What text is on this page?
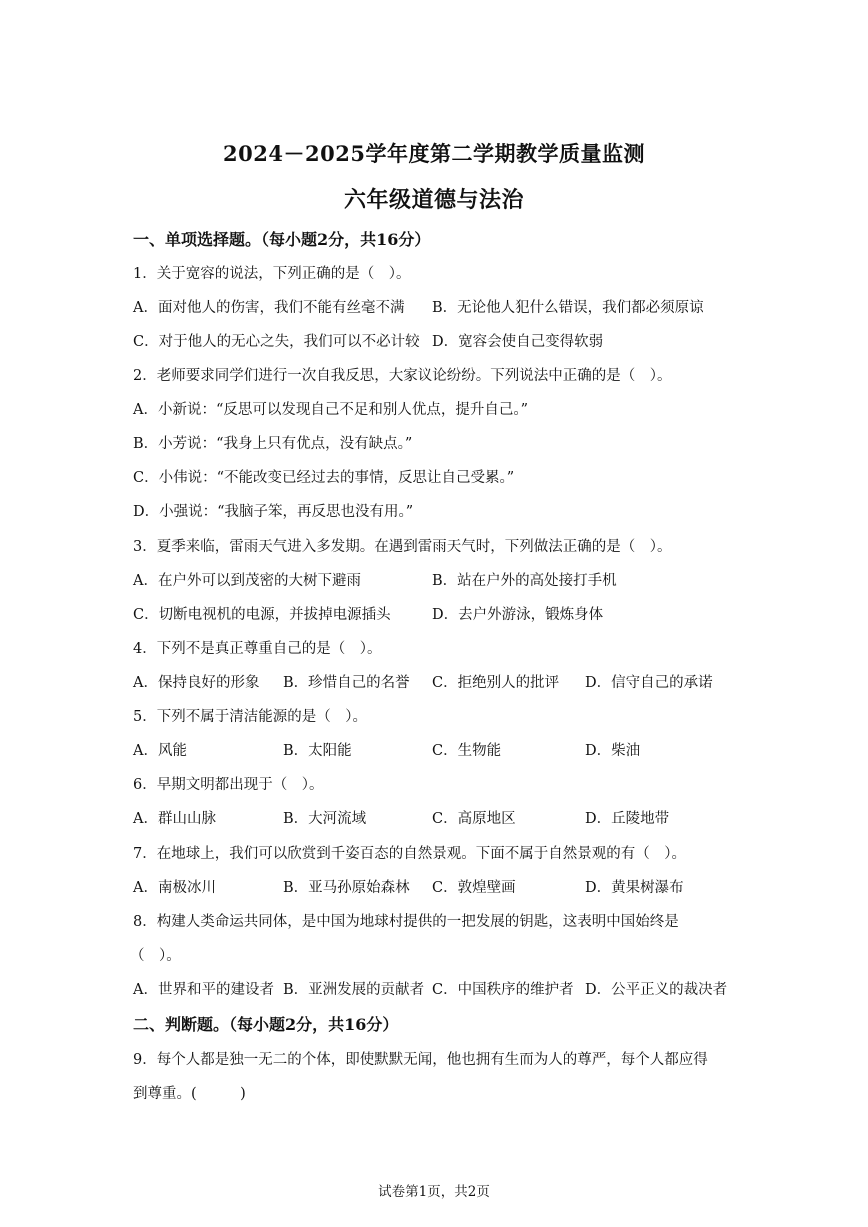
2024－2025学年度第二学期教学质量监测
六年级道德与法治
一、单项选择题。（每小题2分，共16分）
1．关于宽容的说法，下列正确的是（　）。
A．面对他人的伤害，我们不能有丝毫不满 B．无论他人犯什么错误，我们都必须原谅
C．对于他人的无心之失，我们可以不必计较 D．宽容会使自己变得软弱
2．老师要求同学们进行一次自我反思，大家议论纷纷。下列说法中正确的是（　）。
A．小新说：“反思可以发现自己不足和别人优点，提升自己。”
B．小芳说：“我身上只有优点，没有缺点。”
C．小伟说：“不能改变已经过去的事情，反思让自己受累。”
D．小强说：“我脑子笨，再反思也没有用。”
3．夏季来临，雷雨天气进入多发期。在遇到雷雨天气时，下列做法正确的是（　）。
A．在户外可以到茂密的大树下避雨	B．站在户外的高处接打手机
C．切断电视机的电源，并拔掉电源插头	D．去户外游泳，锻炼身体
4．下列不是真正尊重自己的是（　）。
A．保持良好的形象 B．珍惜自己的名誉 C．拒绝别人的批评 D．信守自己的承诺
5．下列不属于清洁能源的是（　）。
A．风能	B．太阳能	C．生物能	D．柴油
6．早期文明都出现于（　）。
A．群山山脉	B．大河流域	C．高原地区	D．丘陵地带
7．在地球上，我们可以欣赏到千姿百态的自然景观。下面不属于自然景观的有（　）。
A．南极冰川	B．亚马孙原始森林 C．敦煌壁画	D．黄果树瀑布
8．构建人类命运共同体，是中国为地球村提供的一把发展的钥匙，这表明中国始终是
（　）。
A．世界和平的建设者 B．亚洲发展的贡献者 C．中国秩序的维护者 D．公平正义的裁决者
二、判断题。（每小题2分，共16分）
9．每个人都是独一无二的个体，即使默默无闻，他也拥有生而为人的尊严，每个人都应得
到尊重。(　　　)
试卷第1页，共2页
